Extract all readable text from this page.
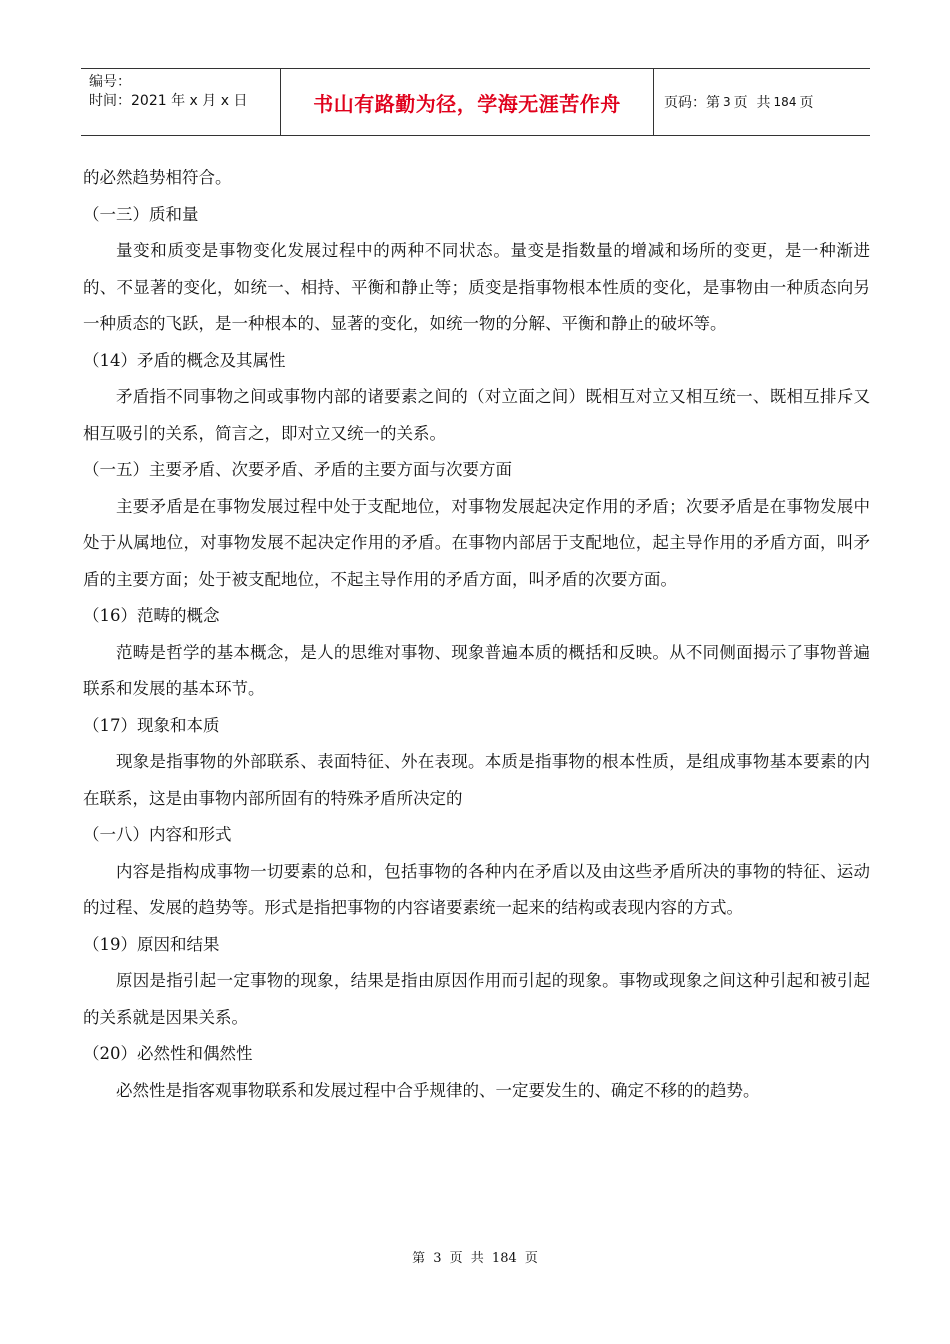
编号：
时间：2021 年 x 月 x 日	书山有路勤为径，学海无涯苦作舟	页码：第 3 页  共 184 页
的必然趋势相符合。
（一三）质和量
量变和质变是事物变化发展过程中的两种不同状态。量变是指数量的增减和场所的变更，是一种渐进的、不显著的变化，如统一、相持、平衡和静止等；质变是指事物根本性质的变化，是事物由一种质态向另一种质态的飞跃，是一种根本的、显著的变化，如统一物的分解、平衡和静止的破坏等。
（14）矛盾的概念及其属性
矛盾指不同事物之间或事物内部的诸要素之间的（对立面之间）既相互对立又相互统一、既相互排斥又相互吸引的关系，简言之，即对立又统一的关系。
（一五）主要矛盾、次要矛盾、矛盾的主要方面与次要方面
主要矛盾是在事物发展过程中处于支配地位，对事物发展起决定作用的矛盾；次要矛盾是在事物发展中处于从属地位，对事物发展不起决定作用的矛盾。在事物内部居于支配地位，起主导作用的矛盾方面，叫矛盾的主要方面；处于被支配地位，不起主导作用的矛盾方面，叫矛盾的次要方面。
（16）范畴的概念
范畴是哲学的基本概念，是人的思维对事物、现象普遍本质的概括和反映。从不同侧面揭示了事物普遍联系和发展的基本环节。
（17）现象和本质
现象是指事物的外部联系、表面特征、外在表现。本质是指事物的根本性质，是组成事物基本要素的内在联系，这是由事物内部所固有的特殊矛盾所决定的
（一八）内容和形式
内容是指构成事物一切要素的总和，包括事物的各种内在矛盾以及由这些矛盾所决的事物的特征、运动的过程、发展的趋势等。形式是指把事物的内容诸要素统一起来的结构或表现内容的方式。
（19）原因和结果
原因是指引起一定事物的现象，结果是指由原因作用而引起的现象。事物或现象之间这种引起和被引起的关系就是因果关系。
（20）必然性和偶然性
必然性是指客观事物联系和发展过程中合乎规律的、一定要发生的、确定不移的的趋势。
第 3 页 共 184 页
